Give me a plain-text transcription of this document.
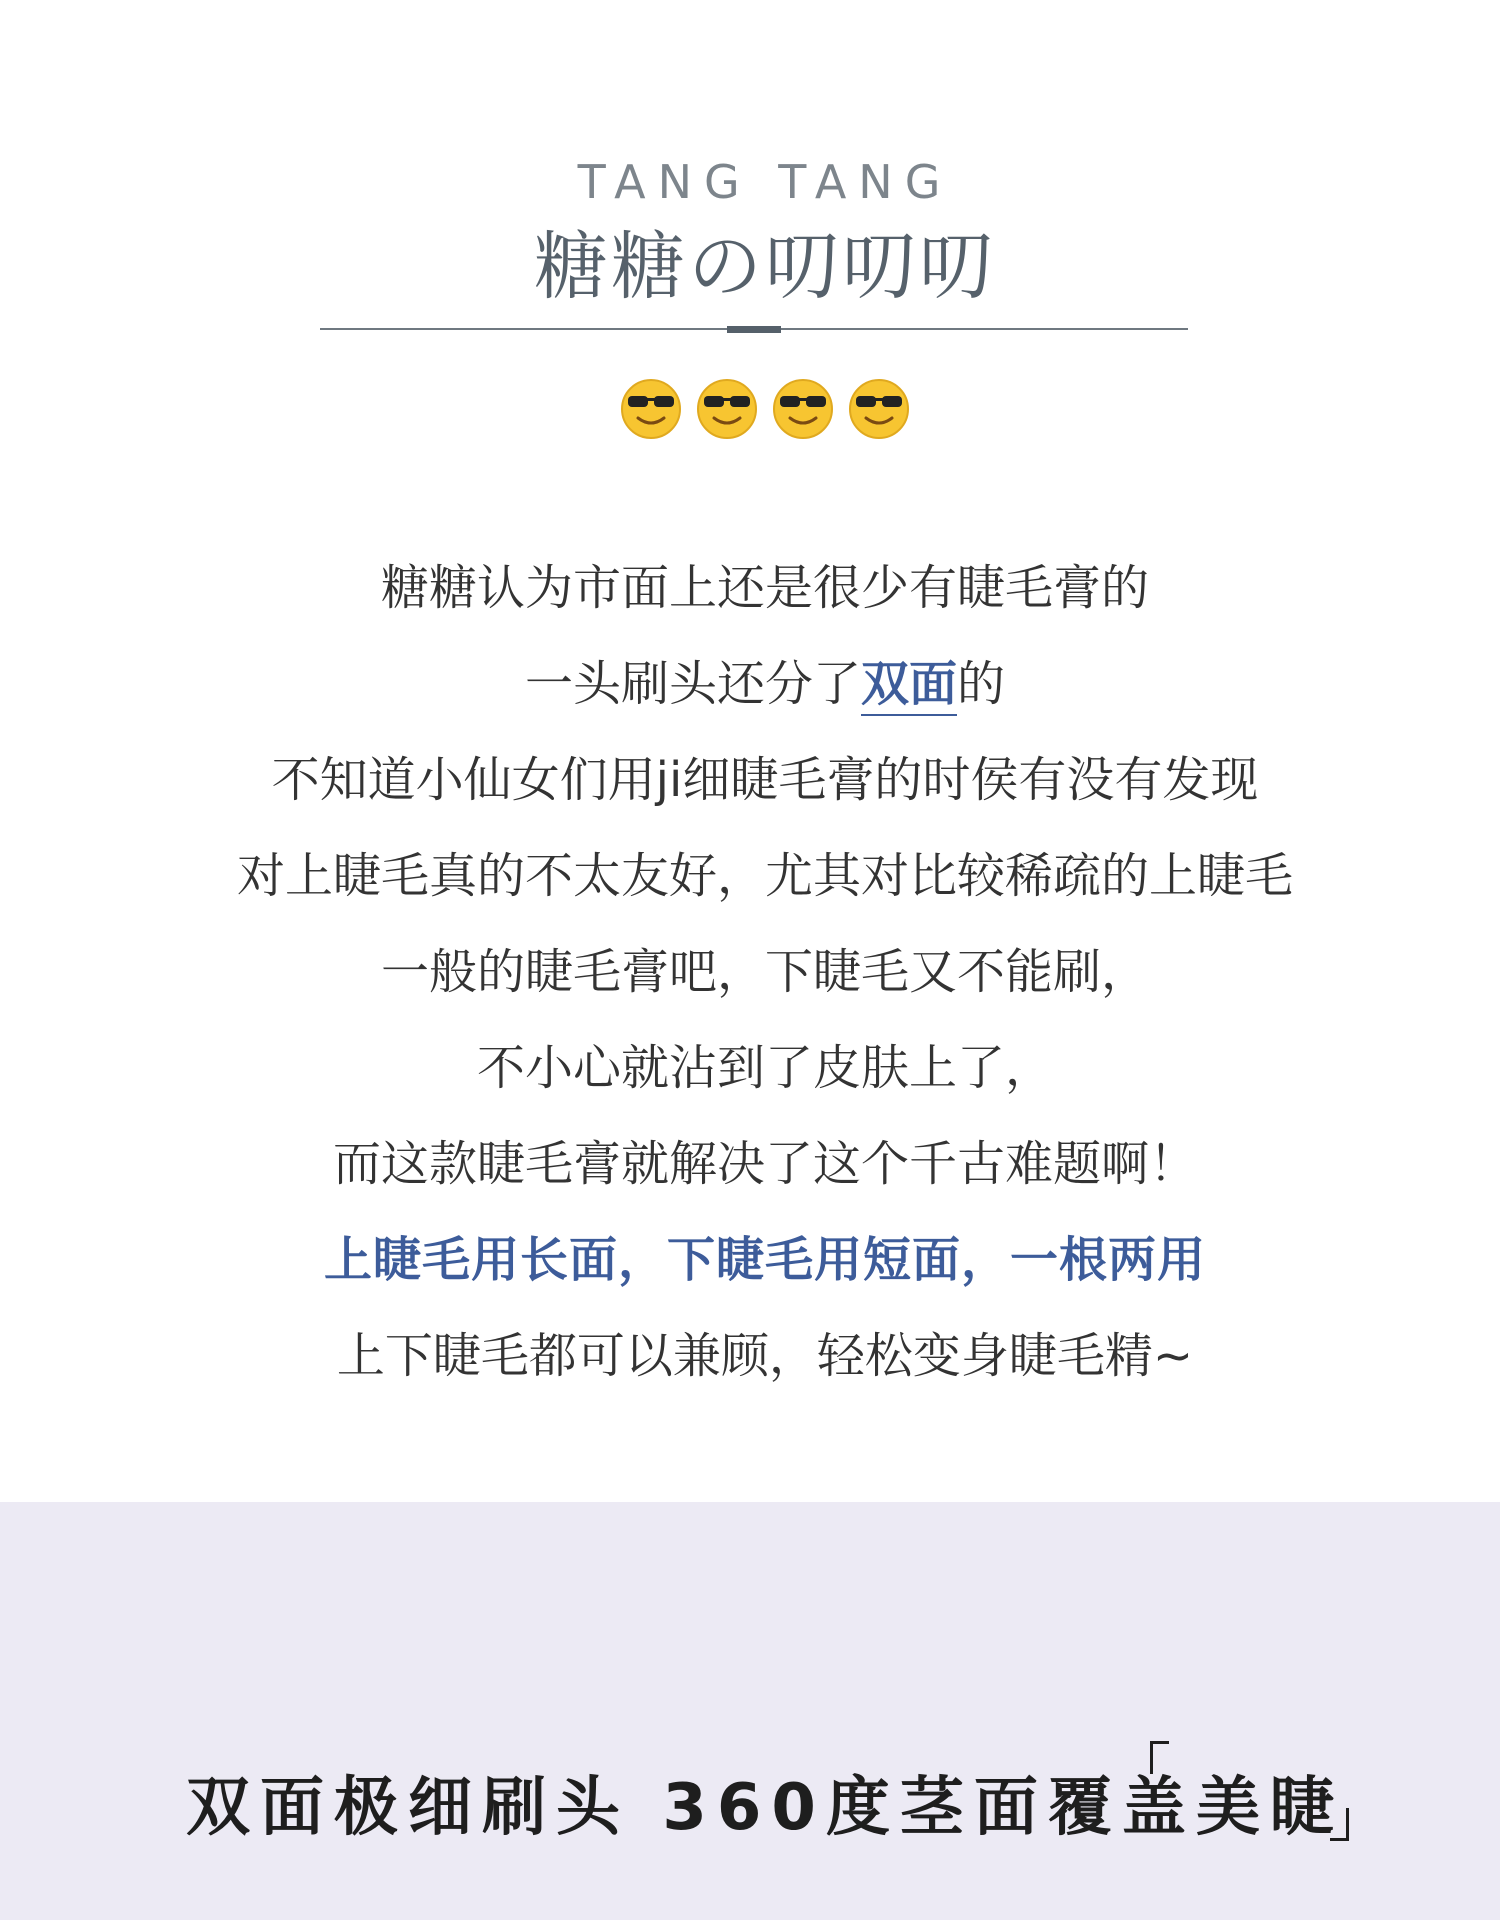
TANG TANG
糖糖の叨叨叨
糖糖认为市面上还是很少有睫毛膏的
一头刷头还分了双面的
不知道小仙女们用ji细睫毛膏的时侯有没有发现
对上睫毛真的不太友好，尤其对比较稀疏的上睫毛
一般的睫毛膏吧，下睫毛又不能刷，
不小心就沾到了皮肤上了，
而这款睫毛膏就解决了这个千古难题啊！
上睫毛用长面，下睫毛用短面，一根两用
上下睫毛都可以兼顾，轻松变身睫毛精~
双面极细刷头 360度茎面覆盖美睫
